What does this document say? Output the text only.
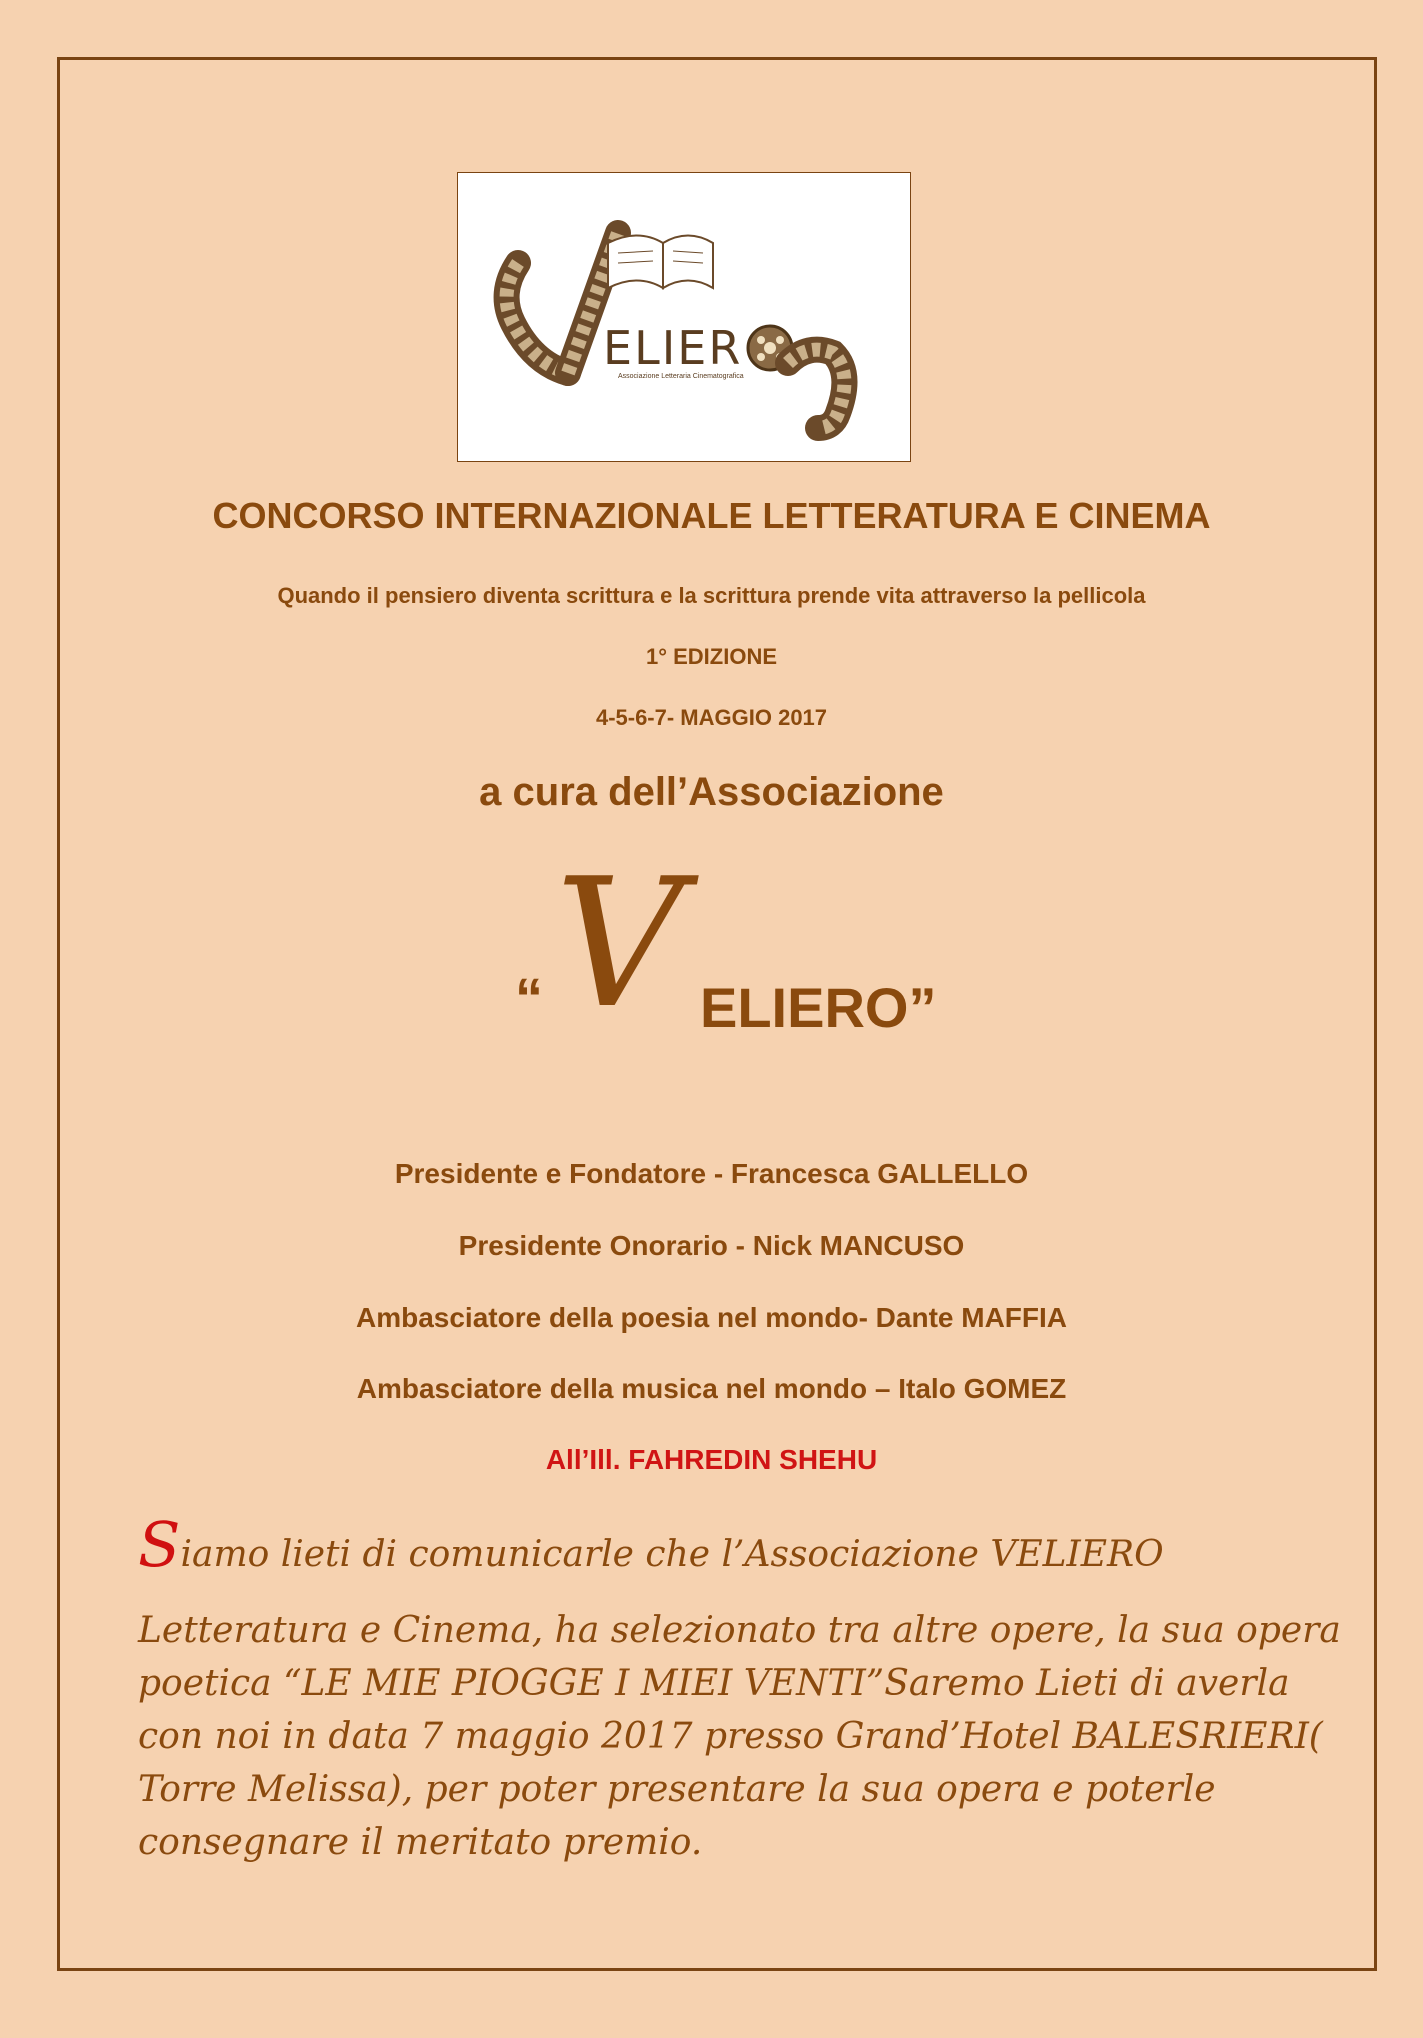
ELIER
Associazione Letteraria Cinematografica
CONCORSO INTERNAZIONALE LETTERATURA E CINEMA
Quando il pensiero diventa scrittura e la scrittura prende vita attraverso la pellicola
1° EDIZIONE
4-5-6-7- MAGGIO 2017
a cura dell’Associazione
“ V ELIERO”
Presidente e Fondatore - Francesca GALLELLO
Presidente Onorario - Nick MANCUSO
Ambasciatore della poesia nel mondo- Dante MAFFIA
Ambasciatore della musica nel mondo – Italo GOMEZ
All’Ill. FAHREDIN SHEHU
Siamo lieti di comunicarle che l’Associazione VELIERO
Letteratura e Cinema, ha selezionato tra altre opere, la sua opera
poetica “LE MIE PIOGGE I MIEI VENTI”Saremo Lieti di averla
con noi in data 7 maggio 2017 presso Grand’Hotel BALESRIERI(
Torre Melissa), per poter presentare la sua opera e poterle
consegnare il meritato premio.
